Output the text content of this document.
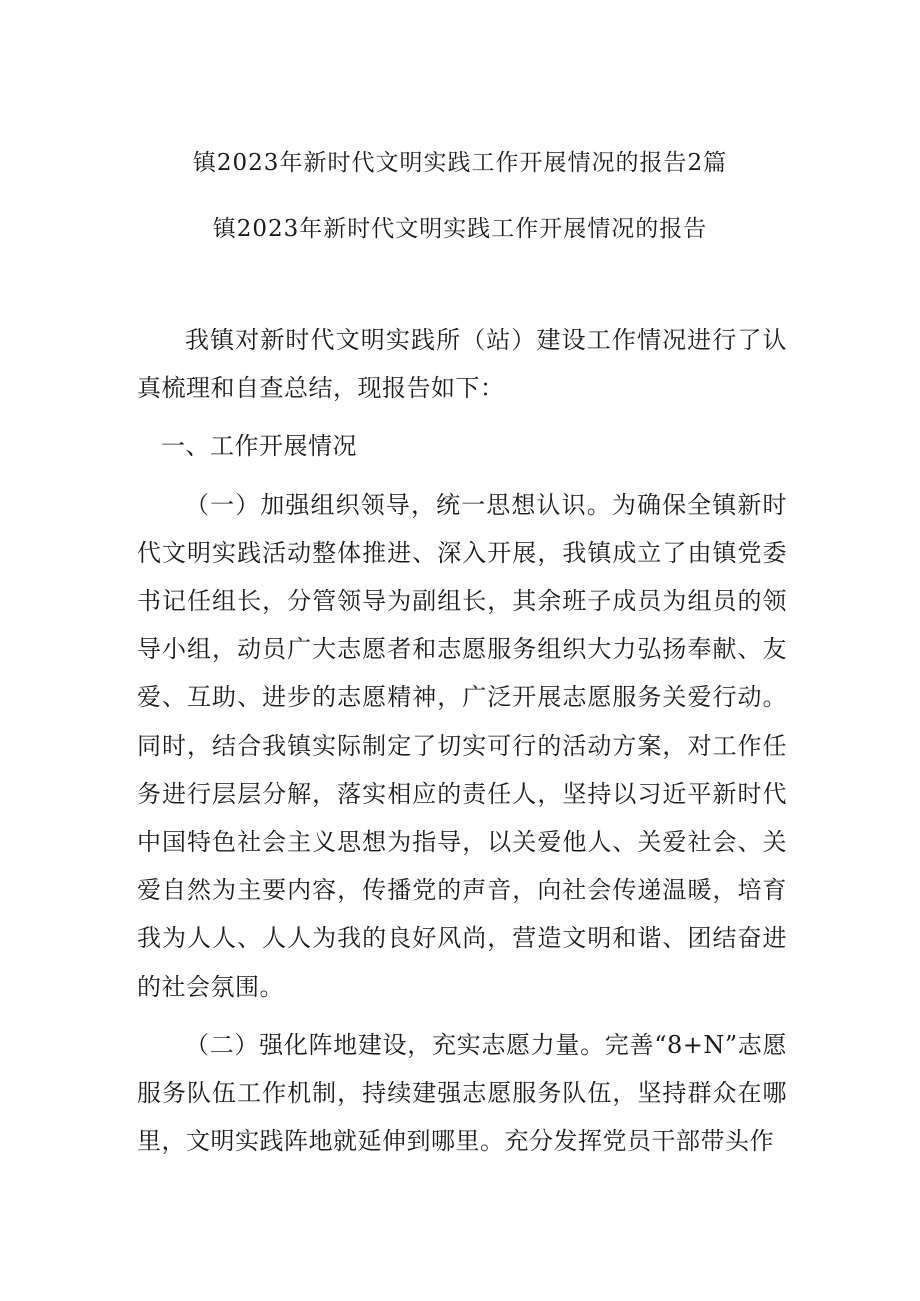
镇2023年新时代文明实践工作开展情况的报告2篇
镇2023年新时代文明实践工作开展情况的报告

我镇对新时代文明实践所（站）建设工作情况进行了认真梳理和自查总结，现报告如下：

一、工作开展情况

（一）加强组织领导，统一思想认识。为确保全镇新时代文明实践活动整体推进、深入开展，我镇成立了由镇党委书记任组长，分管领导为副组长，其余班子成员为组员的领导小组，动员广大志愿者和志愿服务组织大力弘扬奉献、友爱、互助、进步的志愿精神，广泛开展志愿服务关爱行动。同时，结合我镇实际制定了切实可行的活动方案，对工作任务进行层层分解，落实相应的责任人，坚持以习近平新时代中国特色社会主义思想为指导，以关爱他人、关爱社会、关爱自然为主要内容，传播党的声音，向社会传递温暖，培育我为人人、人人为我的良好风尚，营造文明和谐、团结奋进的社会氛围。

（二）强化阵地建设，充实志愿力量。完善“8+N”志愿服务队伍工作机制，持续建强志愿服务队伍，坚持群众在哪里，文明实践阵地就延伸到哪里。充分发挥党员干部带头作
